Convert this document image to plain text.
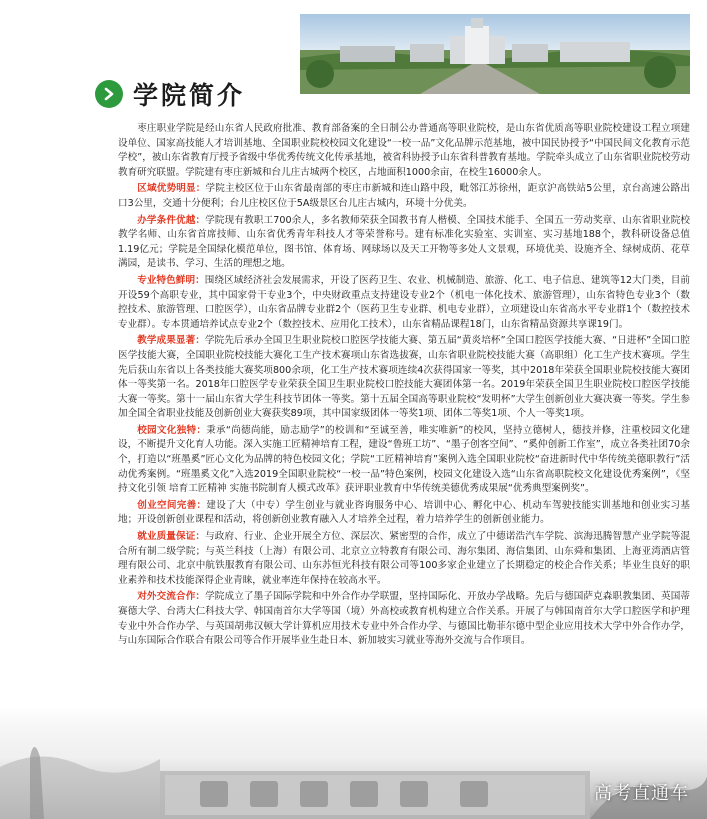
学院简介

枣庄职业学院是经山东省人民政府批准、教育部备案的全日制公办普通高等职业院校，是山东省优质高等职业院校建设工程立项建设单位、国家高技能人才培训基地、全国职业院校校园文化建设“一校一品”文化品牌示范基地，被中国民协授予“中国民间文化教育示范学校”，被山东省教育厅授予省级中华优秀传统文化传承基地，被省科协授予山东省科普教育基地。学院牵头成立了山东省职业院校劳动教育研究联盟。学院建有枣庄新城和台儿庄古城两个校区，占地面积1000余亩，在校生16000余人。

区域优势明显：学院主校区位于山东省最南部的枣庄市新城和连山路中段，毗邻江苏徐州，距京沪高铁站5公里，京台高速公路出口3公里，交通十分便利；台儿庄校区位于5A级景区台儿庄古城内，环境十分优美。

办学条件优越：学院现有教职工700余人，多名教师荣获全国教书育人楷模、全国技术能手、全国五一劳动奖章、山东省职业院校教学名师、山东省首席技师、山东省优秀青年科技人才等荣誉称号。建有标准化实验室、实训室、实习基地188个，教科研设备总值1.19亿元；学院是全国绿化模范单位，图书馆、体育场、网球场以及天工开物等多处人文景观，环境优美、设施齐全、绿树成荫、花草满园，是读书、学习、生活的理想之地。

专业特色鲜明：围绕区域经济社会发展需求，开设了医药卫生、农业、机械制造、旅游、化工、电子信息、建筑等12大门类，目前开设59个高职专业，其中国家骨干专业3个，中央财政重点支持建设专业2个（机电一体化技术、旅游管理），山东省特色专业3个（数控技术、旅游管理、口腔医学），山东省品牌专业群2个（医药卫生专业群、机电专业群），立项建设山东省高水平专业群1个（数控技术专业群）。专本贯通培养试点专业2个（数控技术、应用化工技术），山东省精品课程18门，山东省精品资源共享课19门。

教学成果显著：学院先后承办全国卫生职业院校口腔医学技能大赛、第五届“黄炎培杯”全国口腔医学技能大赛、“日进杯”全国口腔医学技能大赛，全国职业院校技能大赛化工生产技术赛项山东省选拔赛，山东省职业院校技能大赛（高职组）化工生产技术赛项。学生先后获山东省以上各类技能大赛奖项800余项，化工生产技术赛项连续4次获得国家一等奖，其中2018年荣获全国职业院校技能大赛团体一等奖第一名。2018年口腔医学专业荣获全国卫生职业院校口腔技能大赛团体第一名。2019年荣获全国卫生职业院校口腔医学技能大赛一等奖。第十一届山东省大学生科技节团体一等奖。第十五届全国高等职业院校“发明杯”大学生创新创业大赛决赛一等奖。学生参加全国全省职业技能及创新创业大赛获奖89项，其中国家级团体一等奖1项、团体二等奖1项、个人一等奖1项。

校园文化独特：秉承“尚德尚能，励志励学”的校训和“至诚至善，唯实唯新”的校风，坚持立德树人，德技并修，注重校园文化建设，不断提升文化育人功能。深入实施工匠精神培育工程，建设“鲁班工坊”、“墨子创客空间”、“奚仲创新工作室”，成立各类社团70余个，打造以“班墨奚”匠心文化为品牌的特色校园文化；学院“工匠精神培育”案例入选全国职业院校“奋进新时代中华传统美德职教行”活动优秀案例。“班墨奚文化”入选2019全国职业院校“一校一品”特色案例，校园文化建设入选“山东省高职院校文化建设优秀案例”，《坚持文化引领 培育工匠精神 实施书院制育人模式改革》获评职业教育中华传统美德优秀成果展“优秀典型案例奖”。

创业空间完善：建设了大（中专）学生创业与就业咨询服务中心、培训中心、孵化中心、机动车驾驶技能实训基地和创业实习基地；开设创新创业课程和活动，将创新创业教育融入人才培养全过程，着力培养学生的创新创业能力。

就业质量保证：与政府、行业、企业开展全方位、深层次、紧密型的合作，成立了中德诺浩汽车学院、滨海迅腾智慧产业学院等混合所有制二级学院；与英兰科技（上海）有限公司、北京立立特教育有限公司、海尔集团、海信集团、山东舜和集团、上海亚湾酒店管理有限公司、北京中航铁服教育有限公司、山东苏恒光科技有限公司等100多家企业建立了长期稳定的校企合作关系；毕业生良好的职业素养和技术技能深得企业青睐，就业率连年保持在较高水平。

对外交流合作：学院成立了墨子国际学院和中外合作办学联盟，坚持国际化、开放办学战略。先后与德国萨克森职教集团、英国蒂赛德大学、台湾大仁科技大学、韩国南首尔大学等国（境）外高校或教育机构建立合作关系。开展了与韩国南首尔大学口腔医学和护理专业中外合作办学、与英国胡弗汉顿大学计算机应用技术专业中外合作办学、与德国比勒菲尔德中型企业应用技术大学中外合作办学，与山东国际合作联合有限公司等合作开展毕业生赴日本、新加坡实习就业等海外交流与合作项目。

高考直通车
